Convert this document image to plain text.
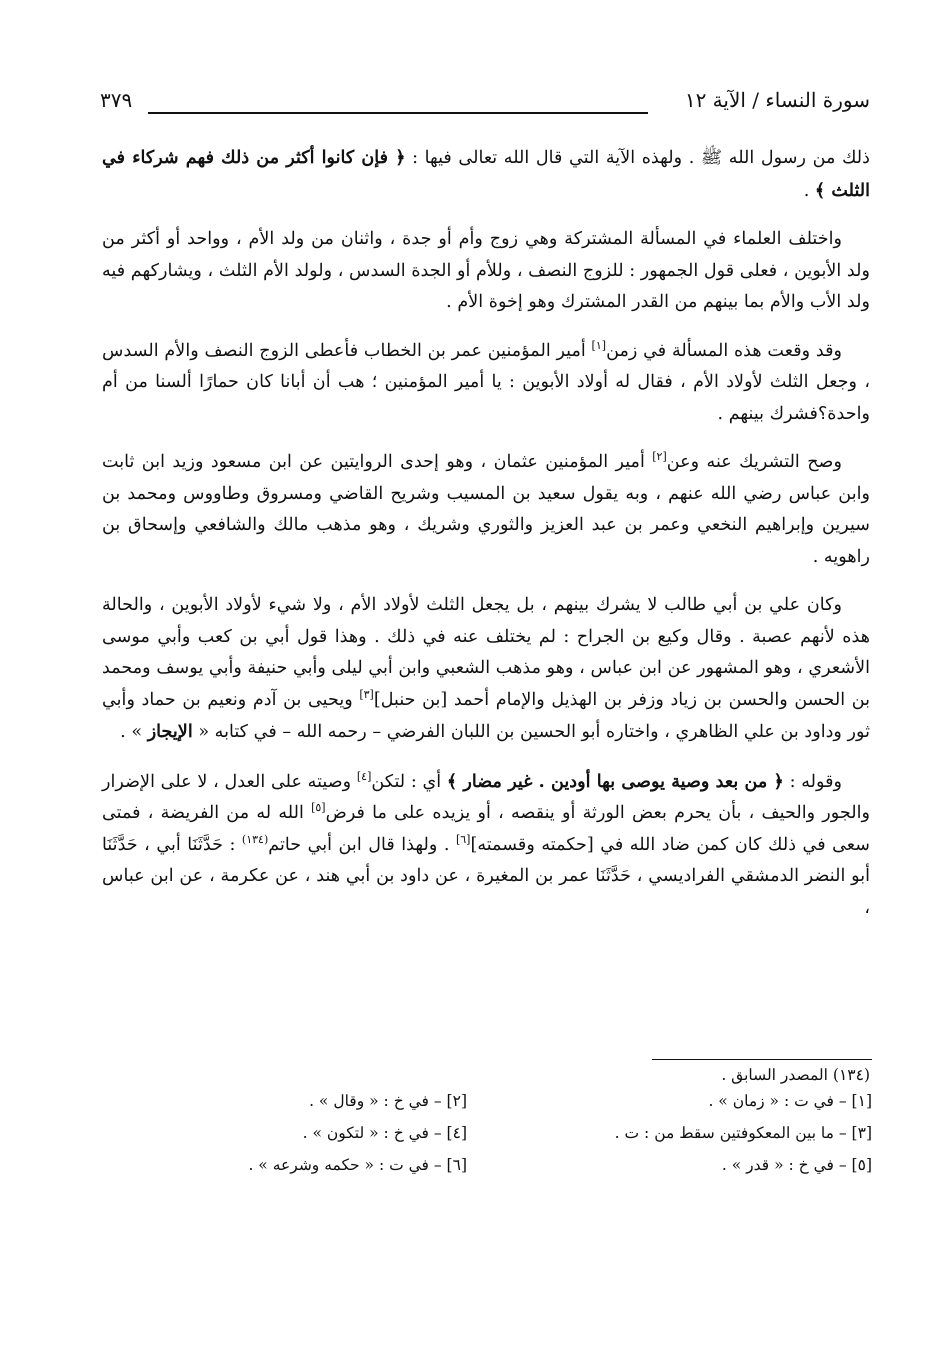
سورة النساء / الآية ١٢
٣٧٩

ذلك من رسول الله ﷺ . ولهذه الآية التي قال الله تعالى فيها : ﴿ فإن كانوا أكثر من ذلك فهم شركاء في الثلث ﴾ .

واختلف العلماء في المسألة المشتركة وهي زوج وأم أو جدة ، واثنان من ولد الأم ، وواحد أو أكثر من ولد الأبوين ، فعلى قول الجمهور : للزوج النصف ، وللأم أو الجدة السدس ، ولولد الأم الثلث ، ويشاركهم فيه ولد الأب والأم بما بينهم من القدر المشترك وهو إخوة الأم .

وقد وقعت هذه المسألة في زمن[١] أمير المؤمنين عمر بن الخطاب فأعطى الزوج النصف والأم السدس ، وجعل الثلث لأولاد الأم ، فقال له أولاد الأبوين : يا أمير المؤمنين ؛ هب أن أبانا كان حمارًا ألسنا من أم واحدة؟فشرك بينهم .

وصح التشريك عنه وعن[٢] أمير المؤمنين عثمان ، وهو إحدى الروايتين عن ابن مسعود وزيد ابن ثابت وابن عباس رضي الله عنهم ، وبه يقول سعيد بن المسيب وشريح القاضي ومسروق وطاووس ومحمد بن سيرين وإبراهيم النخعي وعمر بن عبد العزيز والثوري وشريك ، وهو مذهب مالك والشافعي وإسحاق بن راهويه .

وكان علي بن أبي طالب لا يشرك بينهم ، بل يجعل الثلث لأولاد الأم ، ولا شيء لأولاد الأبوين ، والحالة هذه لأنهم عصبة . وقال وكيع بن الجراح : لم يختلف عنه في ذلك . وهذا قول أبي بن كعب وأبي موسى الأشعري ، وهو المشهور عن ابن عباس ، وهو مذهب الشعبي وابن أبي ليلى وأبي حنيفة وأبي يوسف ومحمد بن الحسن والحسن بن زياد وزفر بن الهذيل والإمام أحمد [بن حنبل][٣] ويحيى بن آدم ونعيم بن حماد وأبي ثور وداود بن علي الظاهري ، واختاره أبو الحسين بن اللبان الفرضي – رحمه الله – في كتابه « الإيجاز » .

وقوله : ﴿ من بعد وصية يوصى بها أودين . غير مضار ﴾ أي : لتكن[٤] وصيته على العدل ، لا على الإضرار والجور والحيف ، بأن يحرم بعض الورثة أو ينقصه ، أو يزيده على ما فرض[٥] الله له من الفريضة ، فمتى سعى في ذلك كان كمن ضاد الله في [حكمته وقسمته][٦] . ولهذا قال ابن أبي حاتم$^{(١٣٤)}$ : حَدَّثَنَا أبي ، حَدَّثَنَا أبو النضر الدمشقي الفراديسي ، حَدَّثَنَا عمر بن المغيرة ، عن داود بن أبي هند ، عن عكرمة ، عن ابن عباس ،

(١٣٤) المصدر السابق .
[١] – في ت : « زمان » .
[٢] – في خ : « وقال » .
[٣] – ما بين المعكوفتين سقط من : ت .
[٤] – في خ : « لتكون » .
[٥] – في خ : « قدر » .
[٦] – في ت : « حكمه وشرعه » .
